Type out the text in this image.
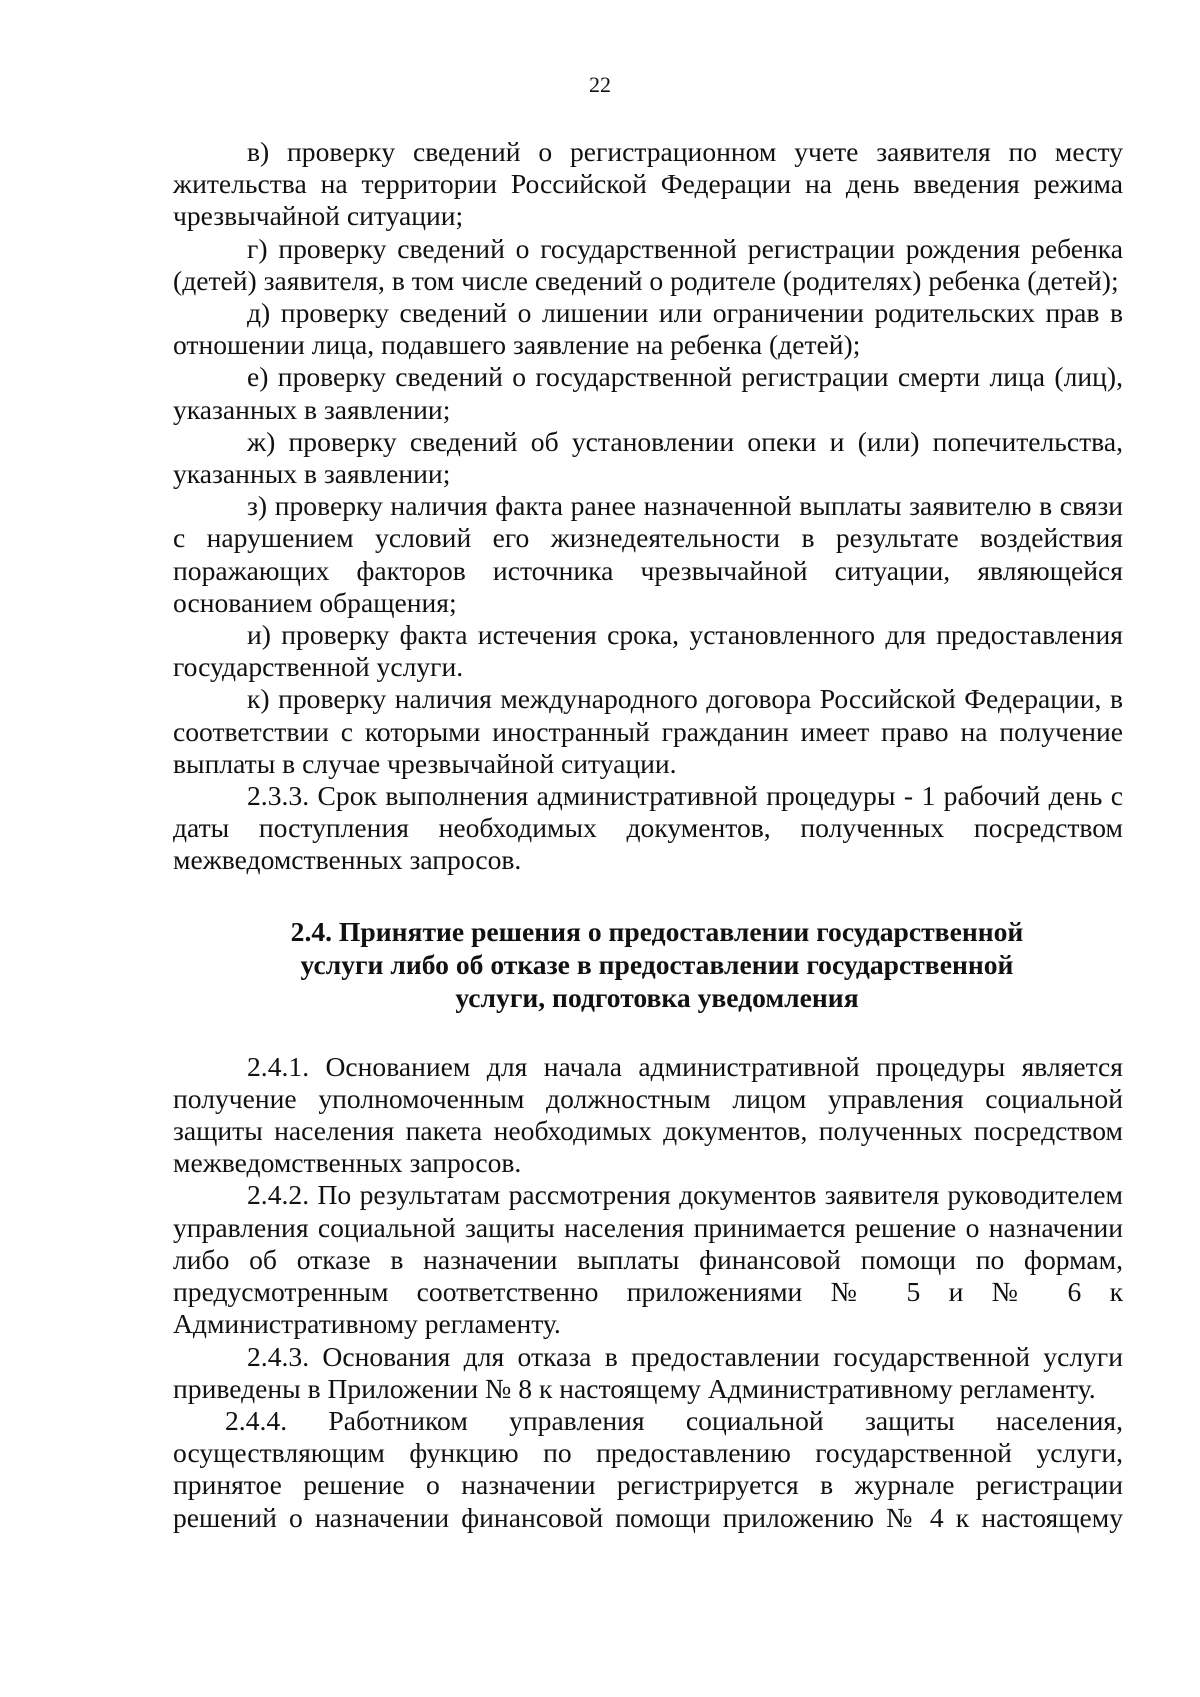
22

в) проверку сведений о регистрационном учете заявителя по месту жительства на территории Российской Федерации на день введения режима чрезвычайной ситуации;

г) проверку сведений о государственной регистрации рождения ребенка (детей) заявителя, в том числе сведений о родителе (родителях) ребенка (детей);

д) проверку сведений о лишении или ограничении родительских прав в отношении лица, подавшего заявление на ребенка (детей);

е) проверку сведений о государственной регистрации смерти лица (лиц), указанных в заявлении;

ж) проверку сведений об установлении опеки и (или) попечительства, указанных в заявлении;

з) проверку наличия факта ранее назначенной выплаты заявителю в связи с нарушением условий его жизнедеятельности в результате воздействия поражающих факторов источника чрезвычайной ситуации, являющейся основанием обращения;

и) проверку факта истечения срока, установленного для предоставления государственной услуги.

к) проверку наличия международного договора Российской Федерации, в соответствии с которыми иностранный гражданин имеет право на получение выплаты в случае чрезвычайной ситуации.

2.3.3. Срок выполнения административной процедуры - 1 рабочий день с даты поступления необходимых документов, полученных посредством межведомственных запросов.

2.4. Принятие решения о предоставлении государственной
услуги либо об отказе в предоставлении государственной
услуги, подготовка уведомления

2.4.1. Основанием для начала административной процедуры является получение уполномоченным должностным лицом управления социальной защиты населения пакета необходимых документов, полученных посредством межведомственных запросов.

2.4.2. По результатам рассмотрения документов заявителя руководителем управления социальной защиты населения принимается решение о назначении либо об отказе в назначении выплаты финансовой помощи по формам, предусмотренным соответственно приложениями № 5 и № 6 к Административному регламенту.

2.4.3. Основания для отказа в предоставлении государственной услуги приведены в Приложении № 8 к настоящему Административному регламенту.

2.4.4. Работником управления социальной защиты населения, осуществляющим функцию по предоставлению государственной услуги, принятое решение о назначении регистрируется в журнале регистрации решений о назначении финансовой помощи приложению № 4 к настоящему
